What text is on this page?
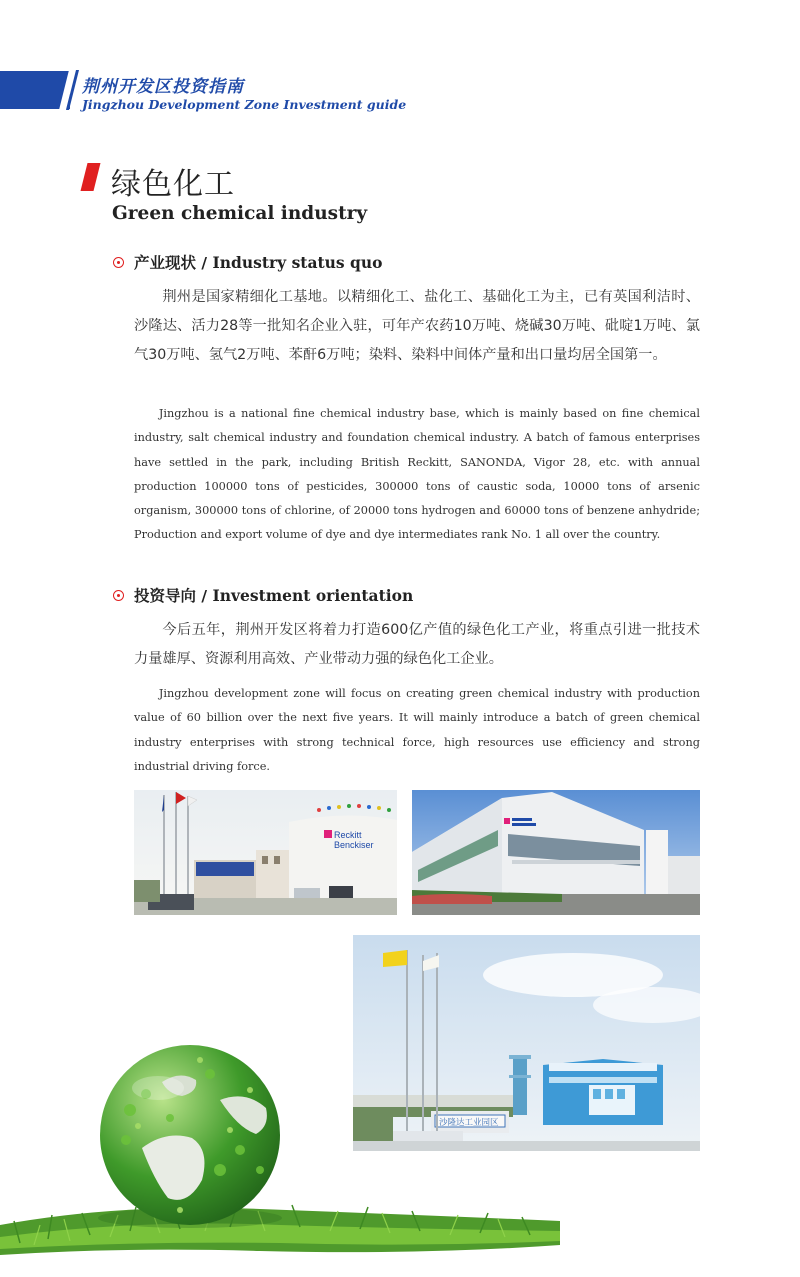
荆州开发区投资指南
Jingzhou Development Zone Investment guide
绿色化工
Green chemical industry
产业现状 / Industry status quo
荆州是国家精细化工基地。以精细化工、盐化工、基础化工为主，已有英国利洁时、沙隆达、活力28等一批知名企业入驻，可年产农药10万吨、烧碱30万吨、砒啶1万吨、氯气30万吨、氢气2万吨、苯酐6万吨；染料、染料中间体产量和出口量均居全国第一。
Jingzhou is a national fine chemical industry base, which is mainly based on fine chemical industry, salt chemical industry and foundation chemical industry. A batch of famous enterprises have settled in the park, including British Reckitt, SANONDA, Vigor 28, etc. with annual production 100000 tons of pesticides, 300000 tons of caustic soda, 10000 tons of arsenic organism, 300000 tons of chlorine, of 20000 tons hydrogen and 60000 tons of benzene anhydride; Production and export volume of dye and dye intermediates rank No. 1 all over the country.
投资导向 / Investment orientation
今后五年，荆州开发区将着力打造600亿产值的绿色化工产业，将重点引进一批技术力量雄厚、资源利用高效、产业带动力强的绿色化工企业。
Jingzhou development zone will focus on creating green chemical industry with production value of 60 billion over the next five years. It will mainly introduce a batch of green chemical industry enterprises with strong technical force, high resources use efficiency and strong industrial driving force.
Reckitt
Benckiser
沙隆达工业园区
